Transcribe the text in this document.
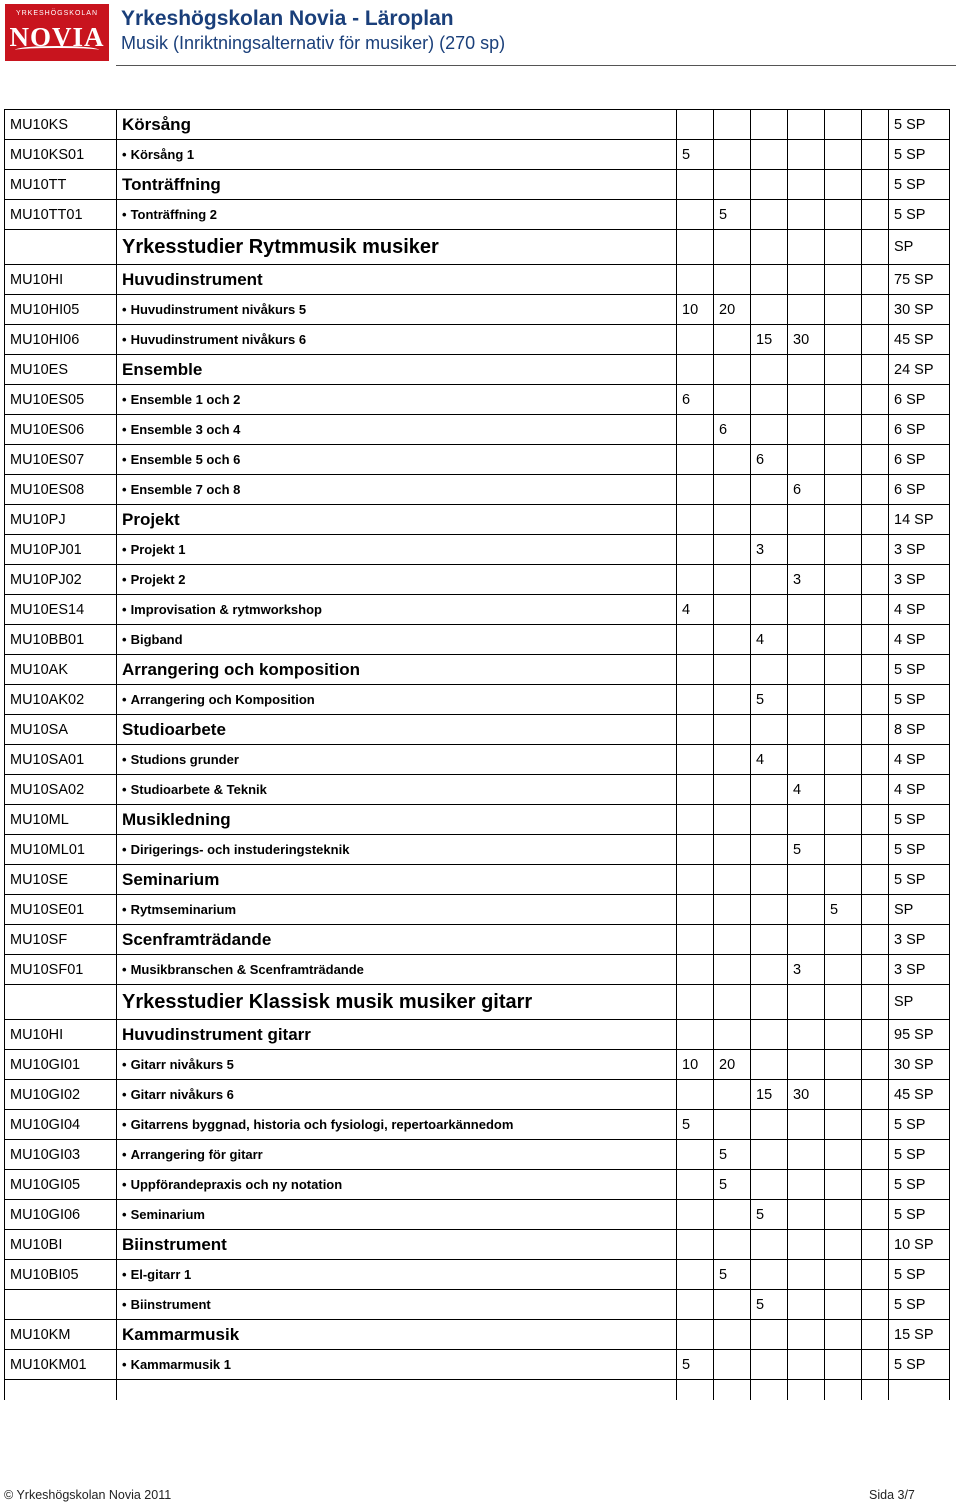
YRKESHÖGSKOLAN
NOVIA
Yrkeshögskolan Novia - Läroplan
Musik (Inriktningsalternativ för musiker) (270 sp)
MU10KS	Körsång							5 SP
MU10KS01	• Körsång 1	5						5 SP
MU10TT	Tonträffning							5 SP
MU10TT01	• Tonträffning 2		5					5 SP
	Yrkesstudier Rytmmusik musiker							SP
MU10HI	Huvudinstrument							75 SP
MU10HI05	• Huvudinstrument nivåkurs 5	10	20					30 SP
MU10HI06	• Huvudinstrument nivåkurs 6			15	30			45 SP
MU10ES	Ensemble							24 SP
MU10ES05	• Ensemble 1 och 2	6						6 SP
MU10ES06	• Ensemble 3 och 4		6					6 SP
MU10ES07	• Ensemble 5 och 6			6				6 SP
MU10ES08	• Ensemble 7 och 8				6			6 SP
MU10PJ	Projekt							14 SP
MU10PJ01	• Projekt 1			3				3 SP
MU10PJ02	• Projekt 2				3			3 SP
MU10ES14	• Improvisation & rytmworkshop	4						4 SP
MU10BB01	• Bigband			4				4 SP
MU10AK	Arrangering och komposition							5 SP
MU10AK02	• Arrangering och Komposition			5				5 SP
MU10SA	Studioarbete							8 SP
MU10SA01	• Studions grunder			4				4 SP
MU10SA02	• Studioarbete & Teknik				4			4 SP
MU10ML	Musikledning							5 SP
MU10ML01	• Dirigerings- och instuderingsteknik				5			5 SP
MU10SE	Seminarium							5 SP
MU10SE01	• Rytmseminarium					5		SP
MU10SF	Scenframträdande							3 SP
MU10SF01	• Musikbranschen & Scenframträdande				3			3 SP
	Yrkesstudier Klassisk musik musiker gitarr							SP
MU10HI	Huvudinstrument gitarr							95 SP
MU10GI01	• Gitarr nivåkurs 5	10	20					30 SP
MU10GI02	• Gitarr nivåkurs 6			15	30			45 SP
MU10GI04	• Gitarrens byggnad, historia och fysiologi, repertoarkännedom	5						5 SP
MU10GI03	• Arrangering för gitarr		5					5 SP
MU10GI05	• Uppförandepraxis och ny notation		5					5 SP
MU10GI06	• Seminarium			5				5 SP
MU10BI	Biinstrument							10 SP
MU10BI05	• El-gitarr 1		5					5 SP
	• Biinstrument			5				5 SP
MU10KM	Kammarmusik							15 SP
MU10KM01	• Kammarmusik 1	5						5 SP

© Yrkeshögskolan Novia 2011	Sida 3/7
